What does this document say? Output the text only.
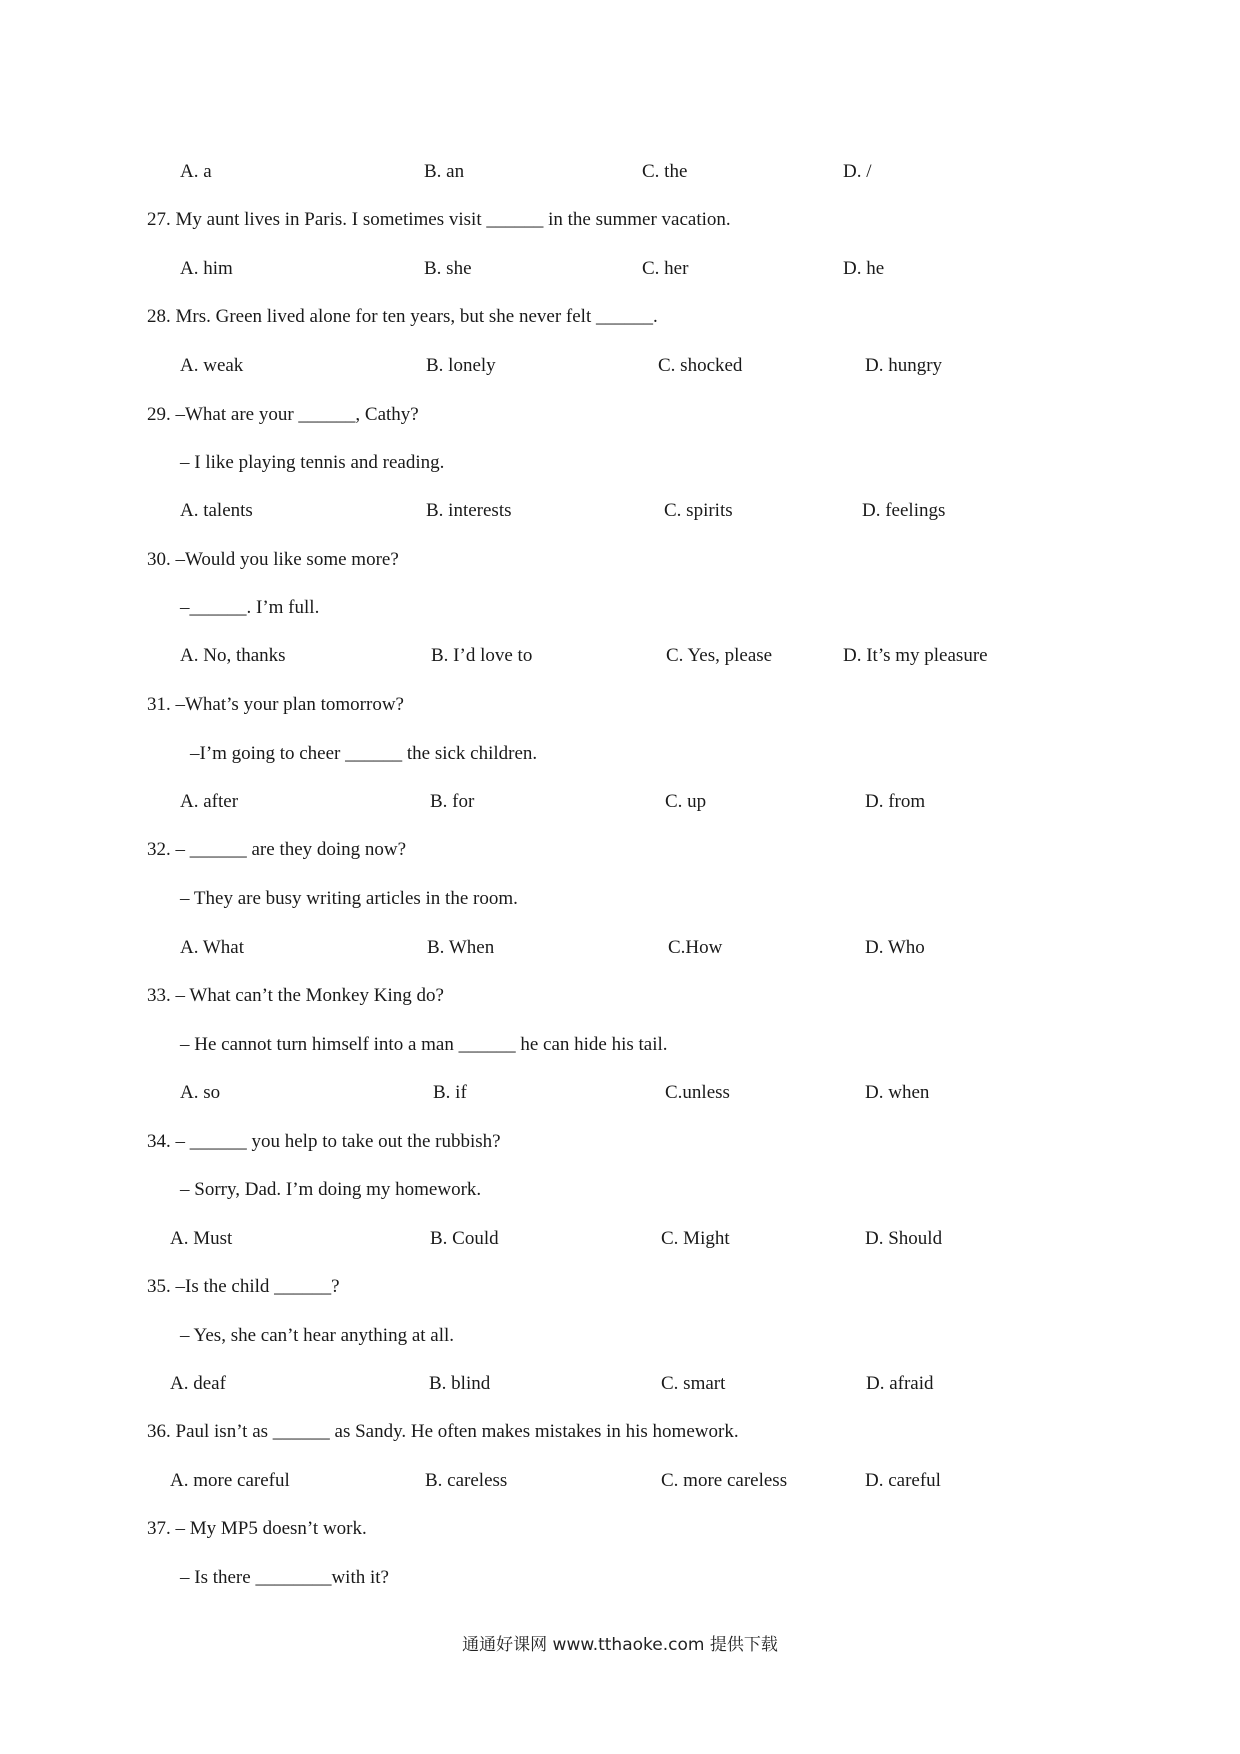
A. a	B. an	C. the	D. /
27. My aunt lives in Paris. I sometimes visit ______ in the summer vacation.
A. him	B. she	C. her	D. he
28. Mrs. Green lived alone for ten years, but she never felt ______.
A. weak	B. lonely	C. shocked	D. hungry
29. –What are your ______, Cathy?
– I like playing tennis and reading.
A. talents	B. interests	C. spirits	D. feelings
30. –Would you like some more?
–______. I’m full.
A. No, thanks	B. I’d love to	C. Yes, please	D. It’s my pleasure
31. –What’s your plan tomorrow?
–I’m going to cheer ______ the sick children.
A. after	B. for	C. up	D. from
32. – ______ are they doing now?
– They are busy writing articles in the room.
A. What	B. When	C.How	D. Who
33. – What can’t the Monkey King do?
– He cannot turn himself into a man ______ he can hide his tail.
A. so	B. if	C.unless	D. when
34. – ______ you help to take out the rubbish?
– Sorry, Dad. I’m doing my homework.
A. Must	B. Could	C. Might	D. Should
35. –Is the child ______?
– Yes, she can’t hear anything at all.
A. deaf	B. blind	C. smart	D. afraid
36. Paul isn’t as ______ as Sandy. He often makes mistakes in his homework.
A. more careful	B. careless	C. more careless	D. careful
37. – My MP5 doesn’t work.
– Is there ________with it?
通通好课网 www.tthaoke.com 提供下载
